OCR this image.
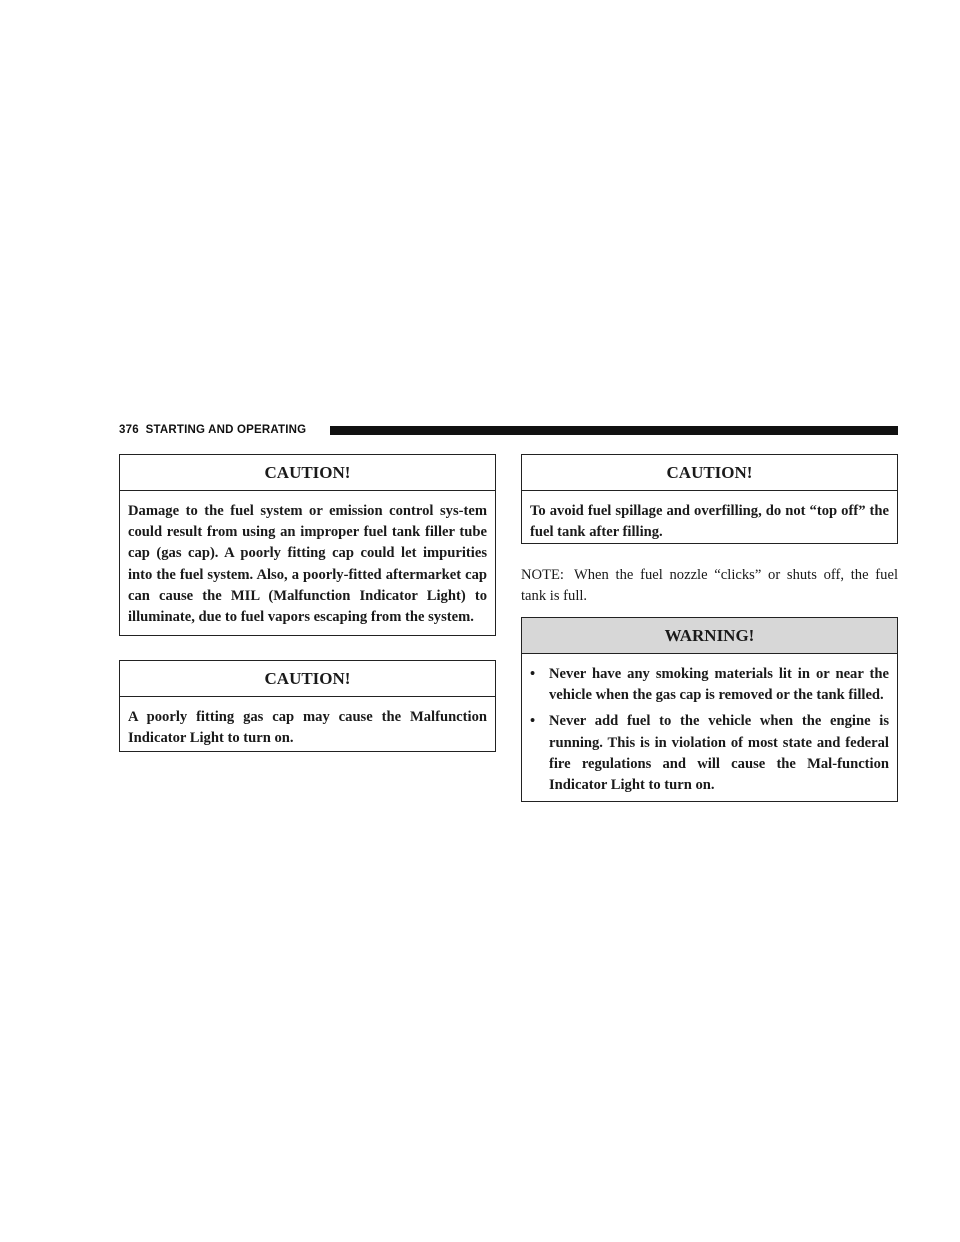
376 STARTING AND OPERATING
CAUTION!

Damage to the fuel system or emission control sys-tem could result from using an improper fuel tank filler tube cap (gas cap). A poorly fitting cap could let impurities into the fuel system. Also, a poorly-fitted aftermarket cap can cause the MIL (Malfunction Indicator Light) to illuminate, due to fuel vapors escaping from the system.

CAUTION!

A poorly fitting gas cap may cause the Malfunction Indicator Light to turn on.

CAUTION!

To avoid fuel spillage and overfilling, do not “top off” the fuel tank after filling.

NOTE: When the fuel nozzle “clicks” or shuts off, the fuel tank is full.
WARNING!
• Never have any smoking materials lit in or near the vehicle when the gas cap is removed or the tank filled.
• Never add fuel to the vehicle when the engine is running. This is in violation of most state and federal fire regulations and will cause the Mal-function Indicator Light to turn on.
